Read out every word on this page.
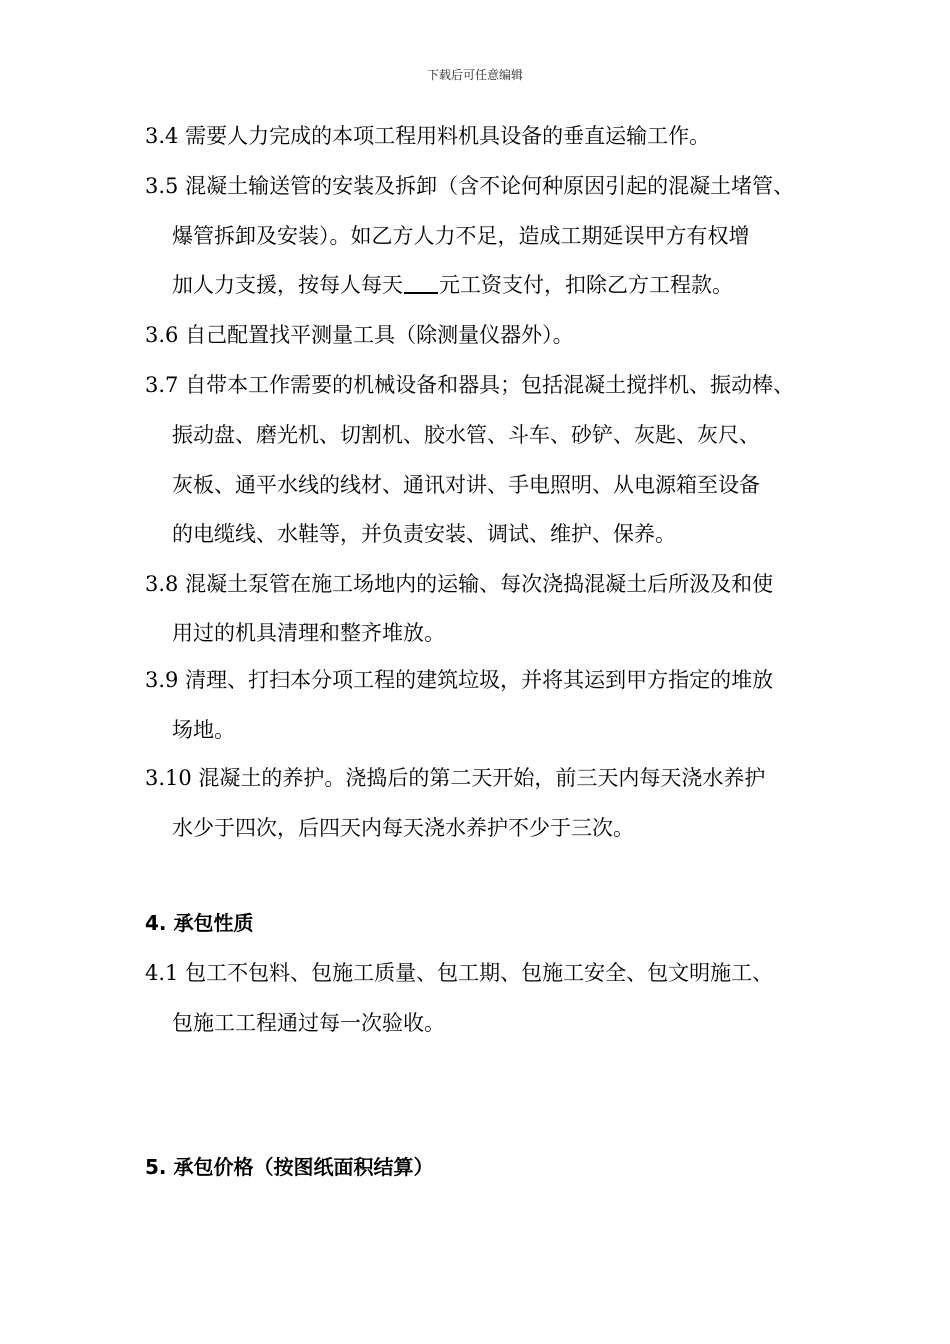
下载后可任意编辑
3.4 需要人力完成的本项工程用料机具设备的垂直运输工作。
3.5 混凝土输送管的安装及拆卸（含不论何种原因引起的混凝土堵管、
爆管拆卸及安装）。如乙方人力不足，造成工期延误甲方有权增
加人力支援，按每人每天 元工资支付，扣除乙方工程款。
3.6 自己配置找平测量工具（除测量仪器外）。
3.7 自带本工作需要的机械设备和器具；包括混凝土搅拌机、振动棒、
振动盘、磨光机、切割机、胶水管、斗车、砂铲、灰匙、灰尺、
灰板、通平水线的线材、通讯对讲、手电照明、从电源箱至设备
的电缆线、水鞋等，并负责安装、调试、维护、保养。
3.8 混凝土泵管在施工场地内的运输、每次浇捣混凝土后所汲及和使
用过的机具清理和整齐堆放。
3.9 清理、打扫本分项工程的建筑垃圾，并将其运到甲方指定的堆放
场地。
3.10 混凝土的养护。浇捣后的第二天开始，前三天内每天浇水养护
水少于四次，后四天内每天浇水养护不少于三次。
4. 承包性质
4.1 包工不包料、包施工质量、包工期、包施工安全、包文明施工、
包施工工程通过每一次验收。
5. 承包价格（按图纸面积结算）
